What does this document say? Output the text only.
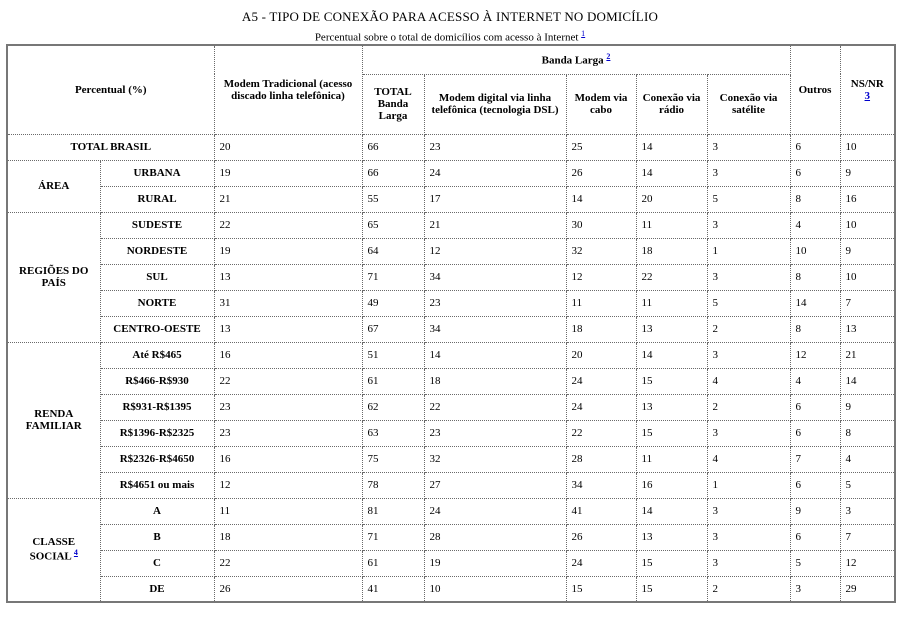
A5 - TIPO DE CONEXÃO PARA ACESSO À INTERNET NO DOMICÍLIO
Percentual sobre o total de domicílios com acesso à Internet $^1$
Percentual (%)		Modem Tradicional (acesso discado linha telefônica)	Banda Larga $^2$					Outros	NS/NR
3
			TOTAL Banda Larga	Modem digital via linha telefônica (tecnologia DSL)	Modem via cabo	Conexão via rádio	Conexão via satélite		
TOTAL BRASIL		20	66	23	25	14	3	6	10
ÁREA	URBANA	19	66	24	26	14	3	6	9
	RURAL	21	55	17	14	20	5	8	16
REGIÕES DO PAÍS	SUDESTE	22	65	21	30	11	3	4	10
	NORDESTE	19	64	12	32	18	1	10	9
	SUL	13	71	34	12	22	3	8	10
	NORTE	31	49	23	11	11	5	14	7
	CENTRO-OESTE	13	67	34	18	13	2	8	13
RENDA FAMILIAR	Até R$465	16	51	14	20	14	3	12	21
	R$466-R$930	22	61	18	24	15	4	4	14
	R$931-R$1395	23	62	22	24	13	2	6	9
	R$1396-R$2325	23	63	23	22	15	3	6	8
	R$2326-R$4650	16	75	32	28	11	4	7	4
	R$4651 ou mais	12	78	27	34	16	1	6	5
CLASSE SOCIAL $^4$	A	11	81	24	41	14	3	9	3
	B	18	71	28	26	13	3	6	7
	C	22	61	19	24	15	3	5	12
	DE	26	41	10	15	15	2	3	29
